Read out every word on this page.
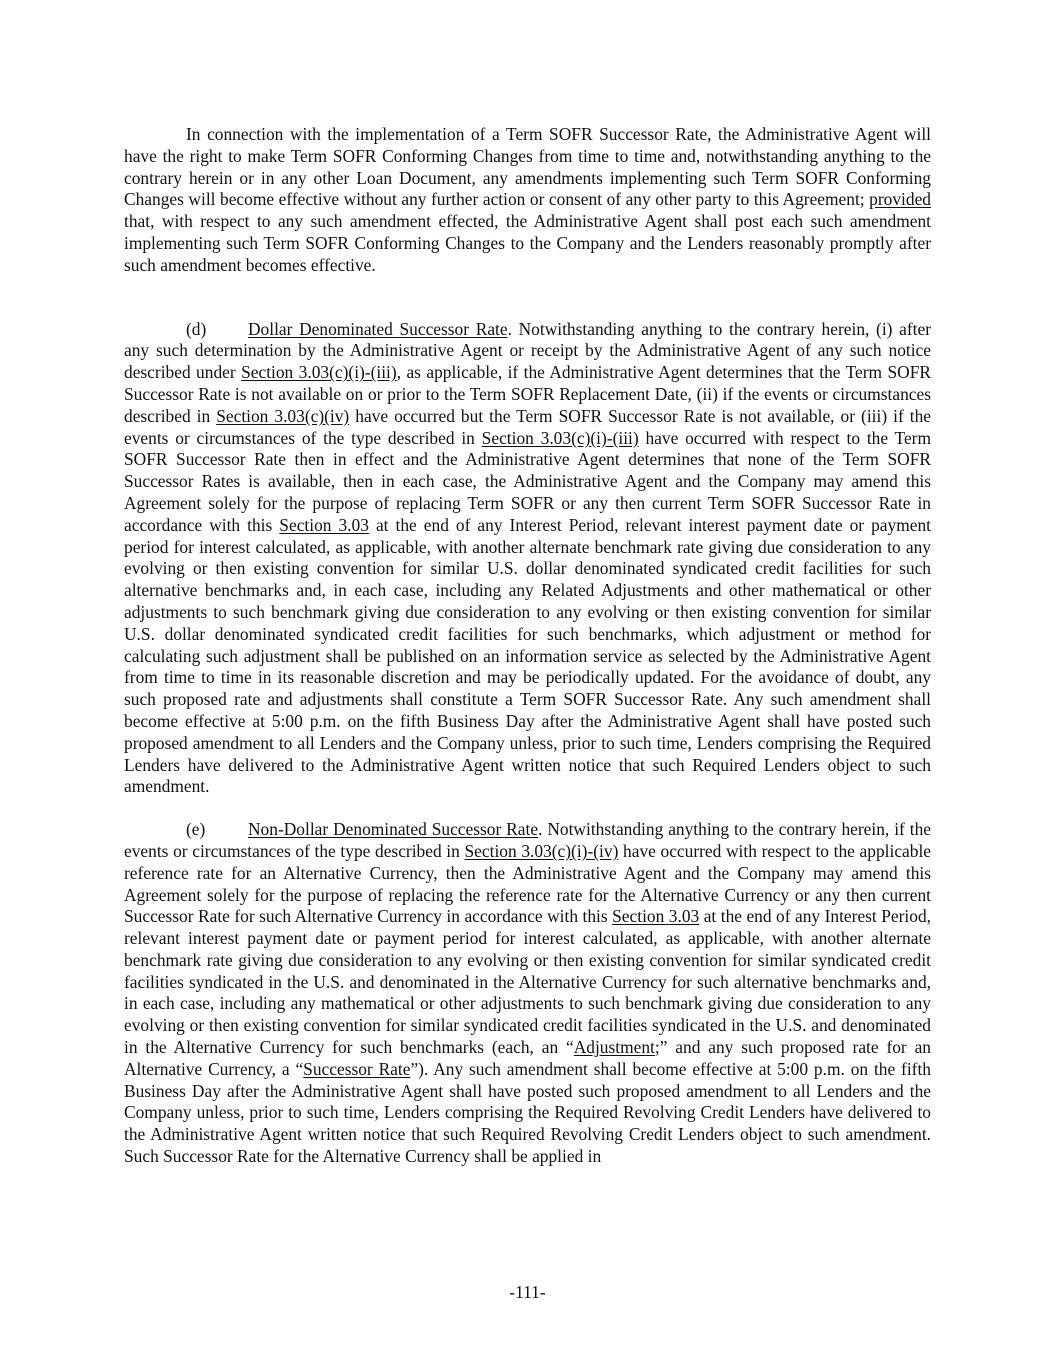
In connection with the implementation of a Term SOFR Successor Rate, the Administrative Agent will have the right to make Term SOFR Conforming Changes from time to time and, notwithstanding anything to the contrary herein or in any other Loan Document, any amendments implementing such Term SOFR Conforming Changes will become effective without any further action or consent of any other party to this Agreement; provided that, with respect to any such amendment effected, the Administrative Agent shall post each such amendment implementing such Term SOFR Conforming Changes to the Company and the Lenders reasonably promptly after such amendment becomes effective.

(d) Dollar Denominated Successor Rate. Notwithstanding anything to the contrary herein, (i) after any such determination by the Administrative Agent or receipt by the Administrative Agent of any such notice described under Section 3.03(c)(i)-(iii), as applicable, if the Administrative Agent determines that the Term SOFR Successor Rate is not available on or prior to the Term SOFR Replacement Date, (ii) if the events or circumstances described in Section 3.03(c)(iv) have occurred but the Term SOFR Successor Rate is not available, or (iii) if the events or circumstances of the type described in Section 3.03(c)(i)-(iii) have occurred with respect to the Term SOFR Successor Rate then in effect and the Administrative Agent determines that none of the Term SOFR Successor Rates is available, then in each case, the Administrative Agent and the Company may amend this Agreement solely for the purpose of replacing Term SOFR or any then current Term SOFR Successor Rate in accordance with this Section 3.03 at the end of any Interest Period, relevant interest payment date or payment period for interest calculated, as applicable, with another alternate benchmark rate giving due consideration to any evolving or then existing convention for similar U.S. dollar denominated syndicated credit facilities for such alternative benchmarks and, in each case, including any Related Adjustments and other mathematical or other adjustments to such benchmark giving due consideration to any evolving or then existing convention for similar U.S. dollar denominated syndicated credit facilities for such benchmarks, which adjustment or method for calculating such adjustment shall be published on an information service as selected by the Administrative Agent from time to time in its reasonable discretion and may be periodically updated. For the avoidance of doubt, any such proposed rate and adjustments shall constitute a Term SOFR Successor Rate. Any such amendment shall become effective at 5:00 p.m. on the fifth Business Day after the Administrative Agent shall have posted such proposed amendment to all Lenders and the Company unless, prior to such time, Lenders comprising the Required Lenders have delivered to the Administrative Agent written notice that such Required Lenders object to such amendment.

(e) Non-Dollar Denominated Successor Rate. Notwithstanding anything to the contrary herein, if the events or circumstances of the type described in Section 3.03(c)(i)-(iv) have occurred with respect to the applicable reference rate for an Alternative Currency, then the Administrative Agent and the Company may amend this Agreement solely for the purpose of replacing the reference rate for the Alternative Currency or any then current Successor Rate for such Alternative Currency in accordance with this Section 3.03 at the end of any Interest Period, relevant interest payment date or payment period for interest calculated, as applicable, with another alternate benchmark rate giving due consideration to any evolving or then existing convention for similar syndicated credit facilities syndicated in the U.S. and denominated in the Alternative Currency for such alternative benchmarks and, in each case, including any mathematical or other adjustments to such benchmark giving due consideration to any evolving or then existing convention for similar syndicated credit facilities syndicated in the U.S. and denominated in the Alternative Currency for such benchmarks (each, an “Adjustment;” and any such proposed rate for an Alternative Currency, a “Successor Rate”). Any such amendment shall become effective at 5:00 p.m. on the fifth Business Day after the Administrative Agent shall have posted such proposed amendment to all Lenders and the Company unless, prior to such time, Lenders comprising the Required Revolving Credit Lenders have delivered to the Administrative Agent written notice that such Required Revolving Credit Lenders object to such amendment. Such Successor Rate for the Alternative Currency shall be applied in

-111-
